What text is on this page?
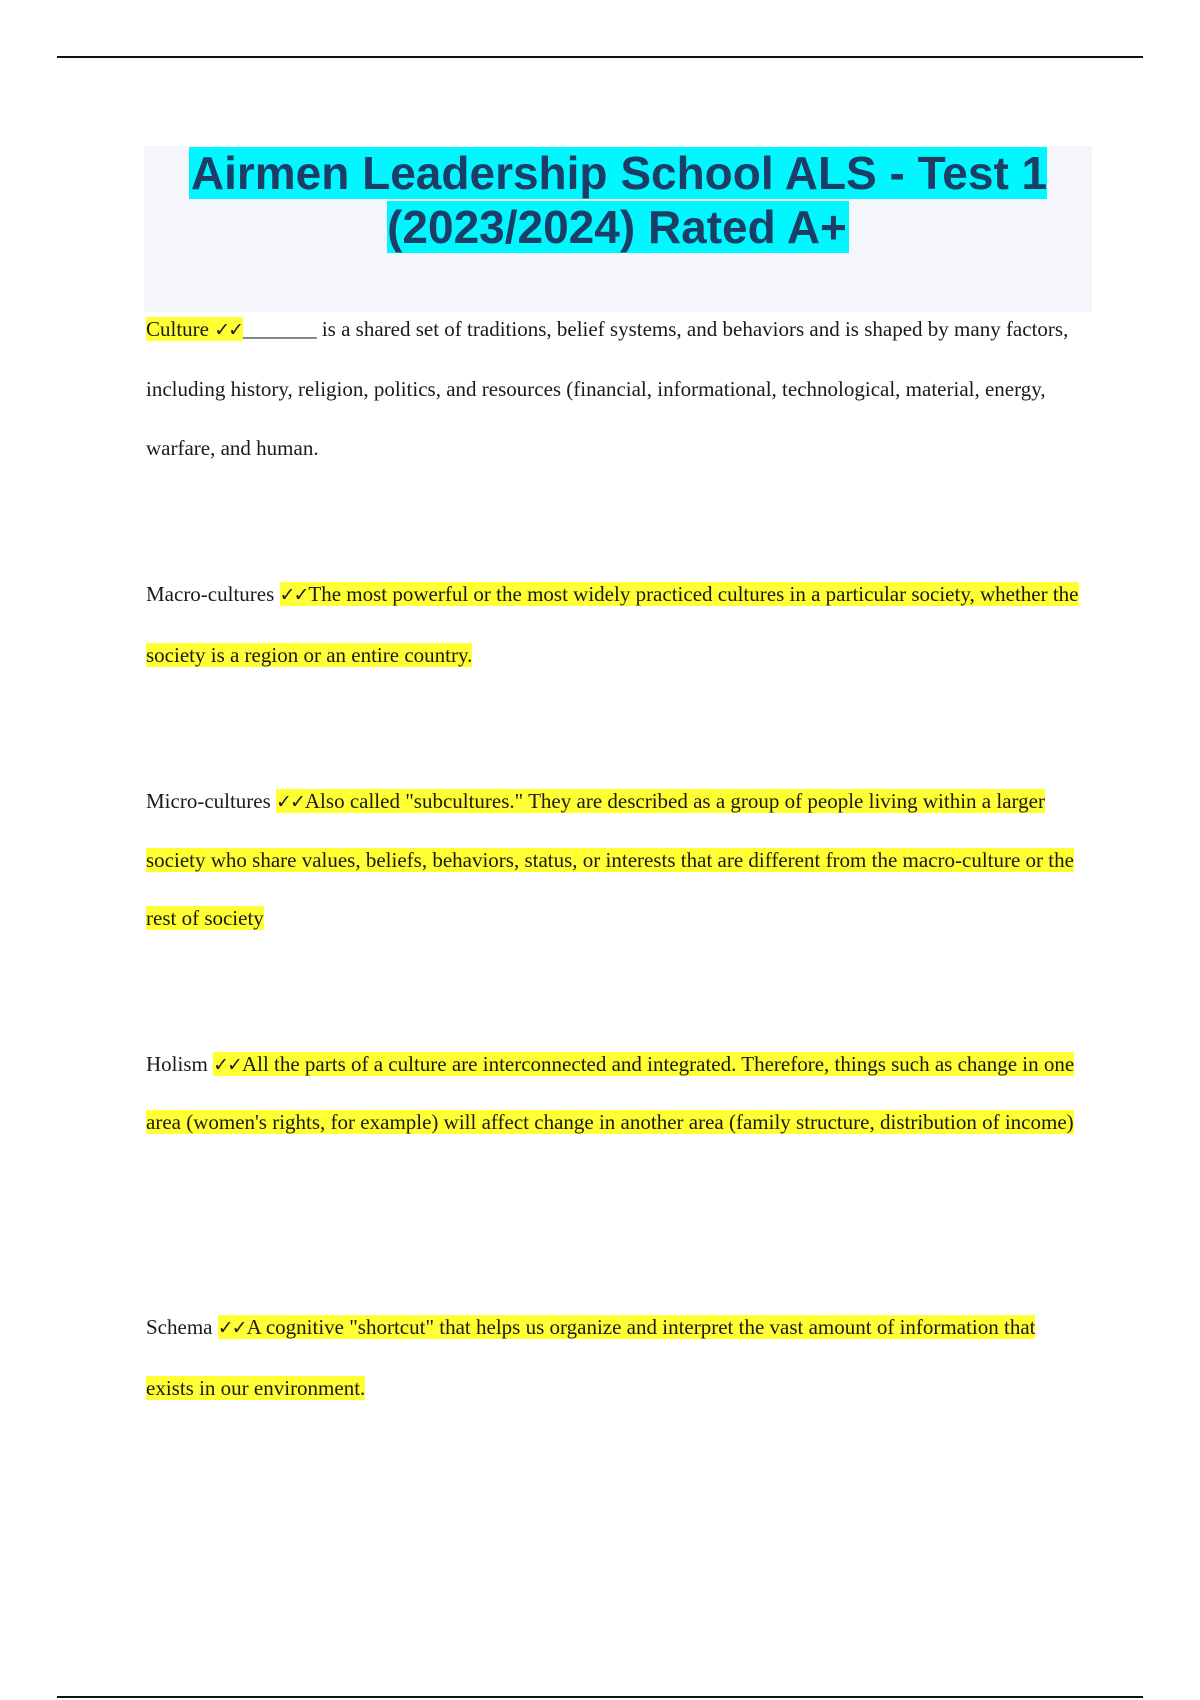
Airmen Leadership School ALS - Test 1 (2023/2024) Rated A+

Culture ✓✓_______ is a shared set of traditions, belief systems, and behaviors and is shaped by many factors, including history, religion, politics, and resources (financial, informational, technological, material, energy, warfare, and human.

Macro-cultures ✓✓The most powerful or the most widely practiced cultures in a particular society, whether the society is a region or an entire country.

Micro-cultures ✓✓Also called "subcultures." They are described as a group of people living within a larger society who share values, beliefs, behaviors, status, or interests that are different from the macro-culture or the rest of society

Holism ✓✓All the parts of a culture are interconnected and integrated. Therefore, things such as change in one area (women's rights, for example) will affect change in another area (family structure, distribution of income)

Schema ✓✓A cognitive "shortcut" that helps us organize and interpret the vast amount of information that exists in our environment.
